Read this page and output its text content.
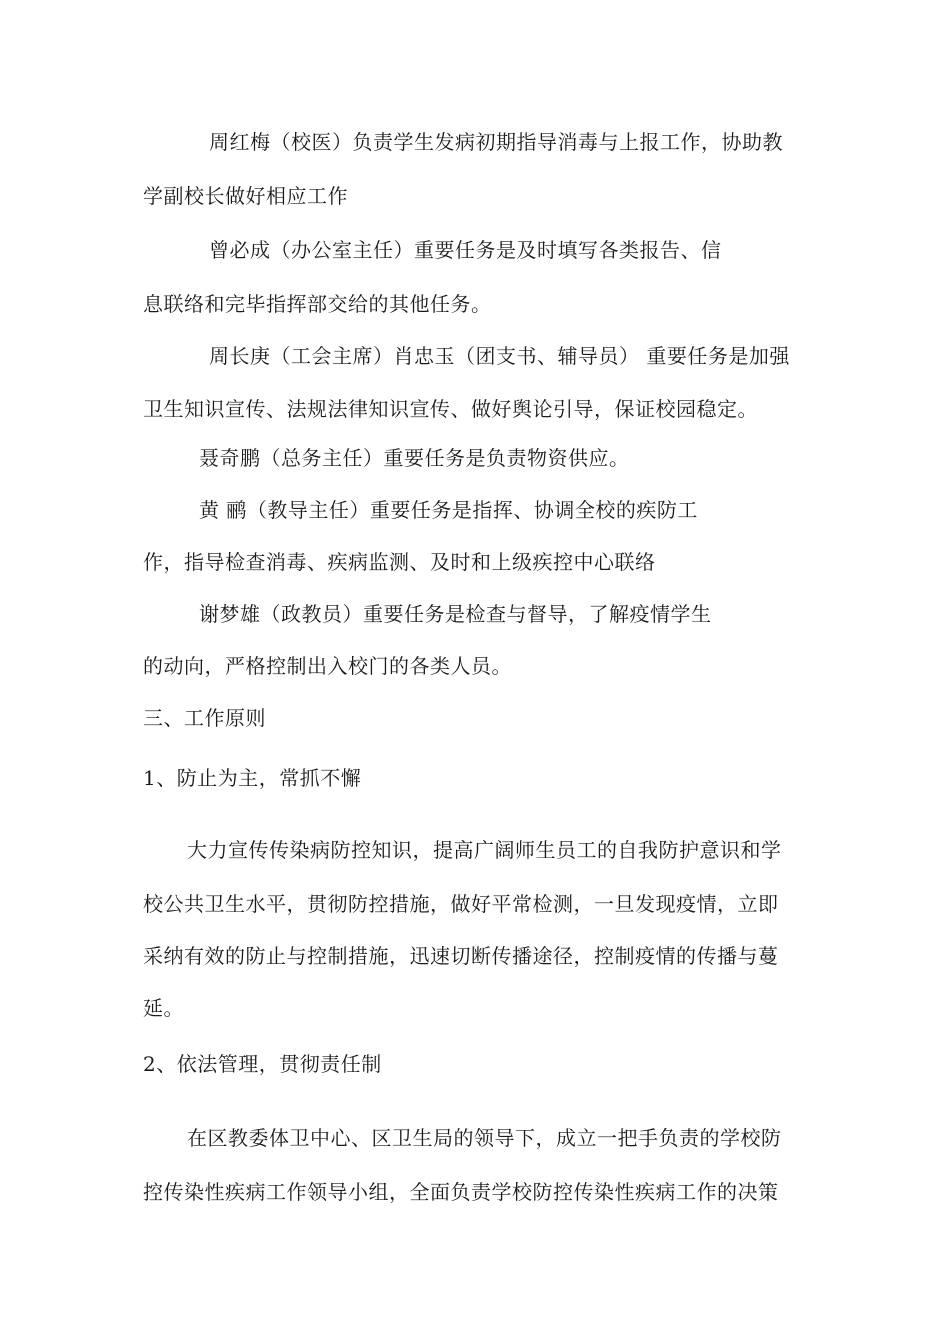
周红梅（校医）负责学生发病初期指导消毒与上报工作，协助教
学副校长做好相应工作
曾必成（办公室主任）重要任务是及时填写各类报告、信
息联络和完毕指挥部交给的其他任务。
周长庚（工会主席）肖忠玉（团支书、辅导员） 重要任务是加强
卫生知识宣传、法规法律知识宣传、做好舆论引导，保证校园稳定。
聂奇鹏（总务主任）重要任务是负责物资供应。
黄 鹂（教导主任）重要任务是指挥、协调全校的疾防工
作，指导检查消毒、疾病监测、及时和上级疾控中心联络
谢梦雄（政教员）重要任务是检查与督导，了解疫情学生
的动向，严格控制出入校门的各类人员。
三、工作原则
1、防止为主，常抓不懈
大力宣传传染病防控知识，提高广阔师生员工的自我防护意识和学
校公共卫生水平，贯彻防控措施，做好平常检测，一旦发现疫情，立即
采纳有效的防止与控制措施，迅速切断传播途径，控制疫情的传播与蔓
延。
2、依法管理，贯彻责任制
在区教委体卫中心、区卫生局的领导下，成立一把手负责的学校防
控传染性疾病工作领导小组，全面负责学校防控传染性疾病工作的决策
